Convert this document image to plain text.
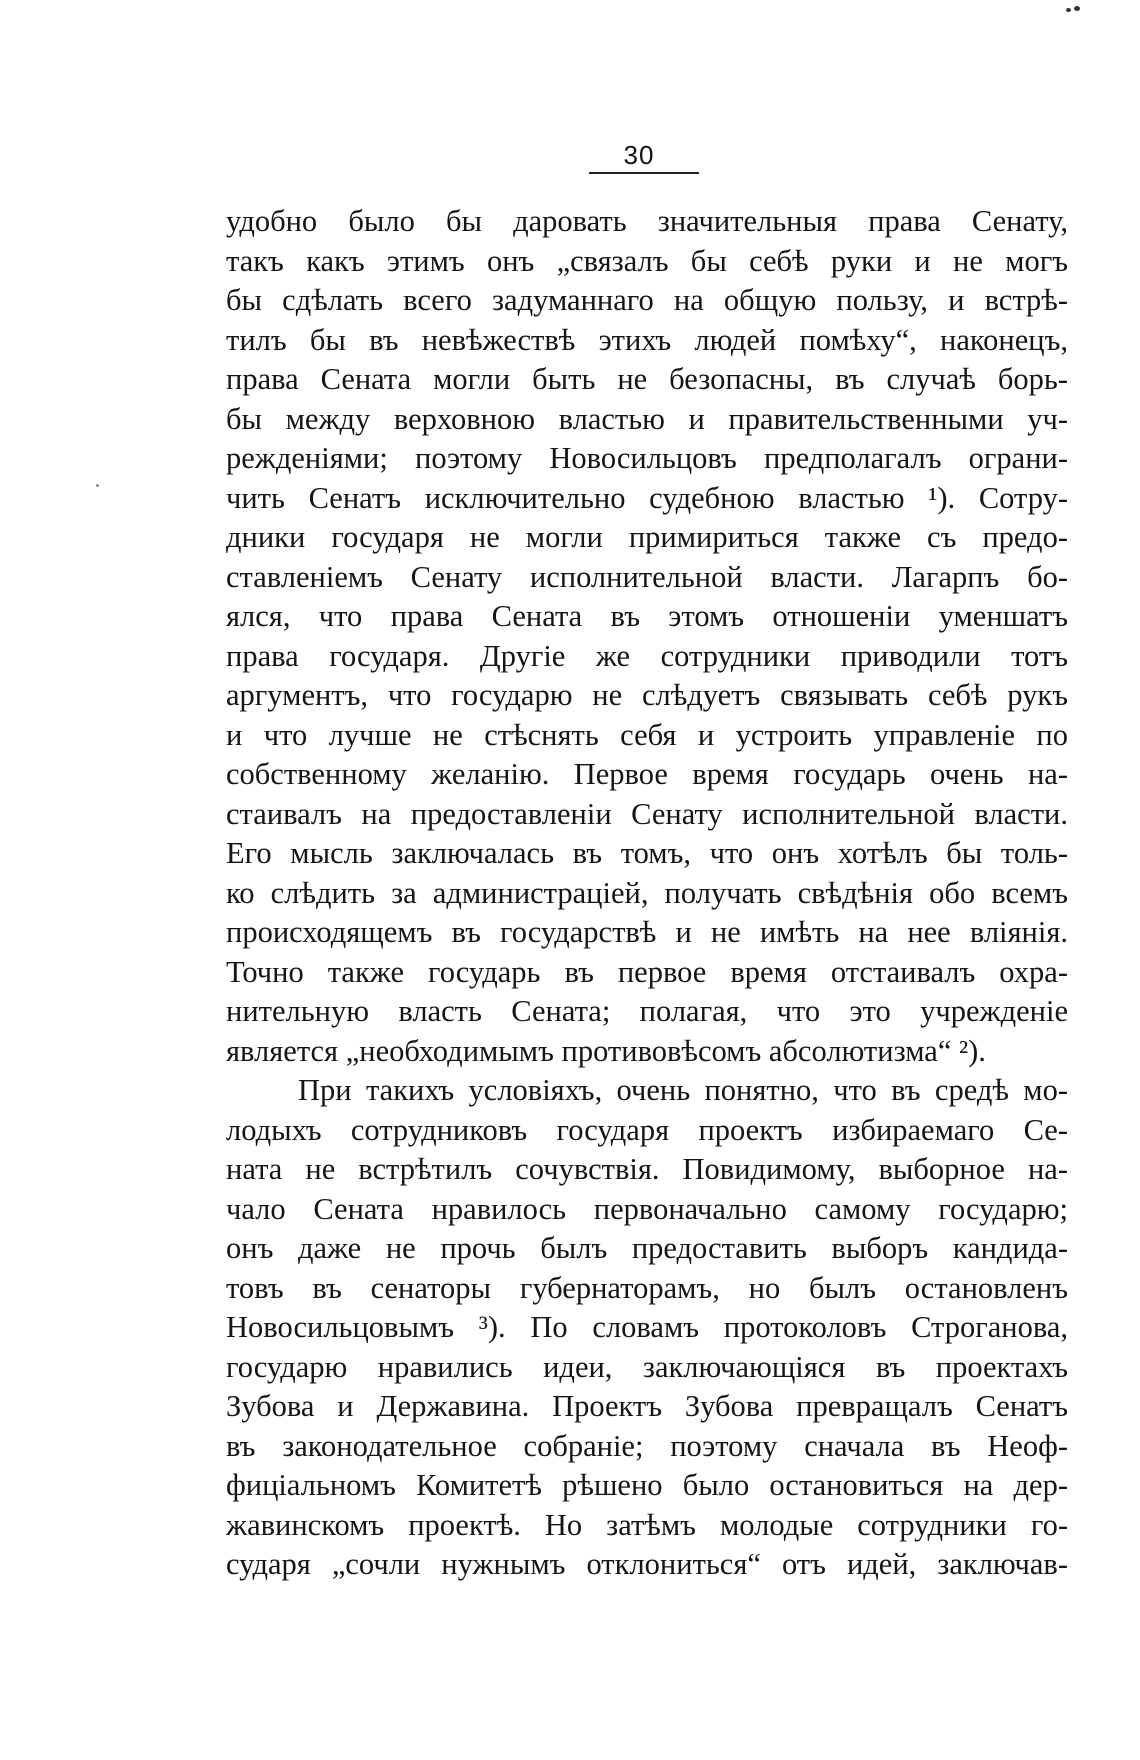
30
удобно было бы даровать значительныя права Сенату,
такъ какъ этимъ онъ „связалъ бы себѣ руки и не могъ
бы сдѣлать всего задуманнаго на общую пользу, и встрѣ-
тилъ бы въ невѣжествѣ этихъ людей помѣху“, наконецъ,
права Сената могли быть не безопасны, въ случаѣ борь-
бы между верховною властью и правительственными уч-
режденіями; поэтому Новосильцовъ предполагалъ ограни-
чить Сенатъ исключительно судебною властью ¹). Сотру-
дники государя не могли примириться также съ предо-
ставленіемъ Сенату исполнительной власти. Лагарпъ бо-
ялся, что права Сената въ этомъ отношеніи уменшатъ
права государя. Другіе же сотрудники приводили тотъ
аргументъ, что государю не слѣдуетъ связывать себѣ рукъ
и что лучше не стѣснять себя и устроить управленіе по
собственному желанію. Первое время государь очень на-
стаивалъ на предоставленіи Сенату исполнительной власти.
Его мысль заключалась въ томъ, что онъ хотѣлъ бы толь-
ко слѣдить за администраціей, получать свѣдѣнія обо всемъ
происходящемъ въ государствѣ и не имѣть на нее вліянія.
Точно также государь въ первое время отстаивалъ охра-
нительную власть Сената; полагая, что это учрежденіе
является „необходимымъ противовѣсомъ абсолютизма“ ²).
При такихъ условіяхъ, очень понятно, что въ средѣ мо-
лодыхъ сотрудниковъ государя проектъ избираемаго Се-
ната не встрѣтилъ сочувствія. Повидимому, выборное на-
чало Сената нравилось первоначально самому государю;
онъ даже не прочь былъ предоставить выборъ кандида-
товъ въ сенаторы губернаторамъ, но былъ остановленъ
Новосильцовымъ ³). По словамъ протоколовъ Строганова,
государю нравились идеи, заключающіяся въ проектахъ
Зубова и Державина. Проектъ Зубова превращалъ Сенатъ
въ законодательное собраніе; поэтому сначала въ Неоф-
фиціальномъ Комитетѣ рѣшено было остановиться на дер-
жавинскомъ проектѣ. Но затѣмъ молодые сотрудники го-
сударя „сочли нужнымъ отклониться“ отъ идей, заключав-
